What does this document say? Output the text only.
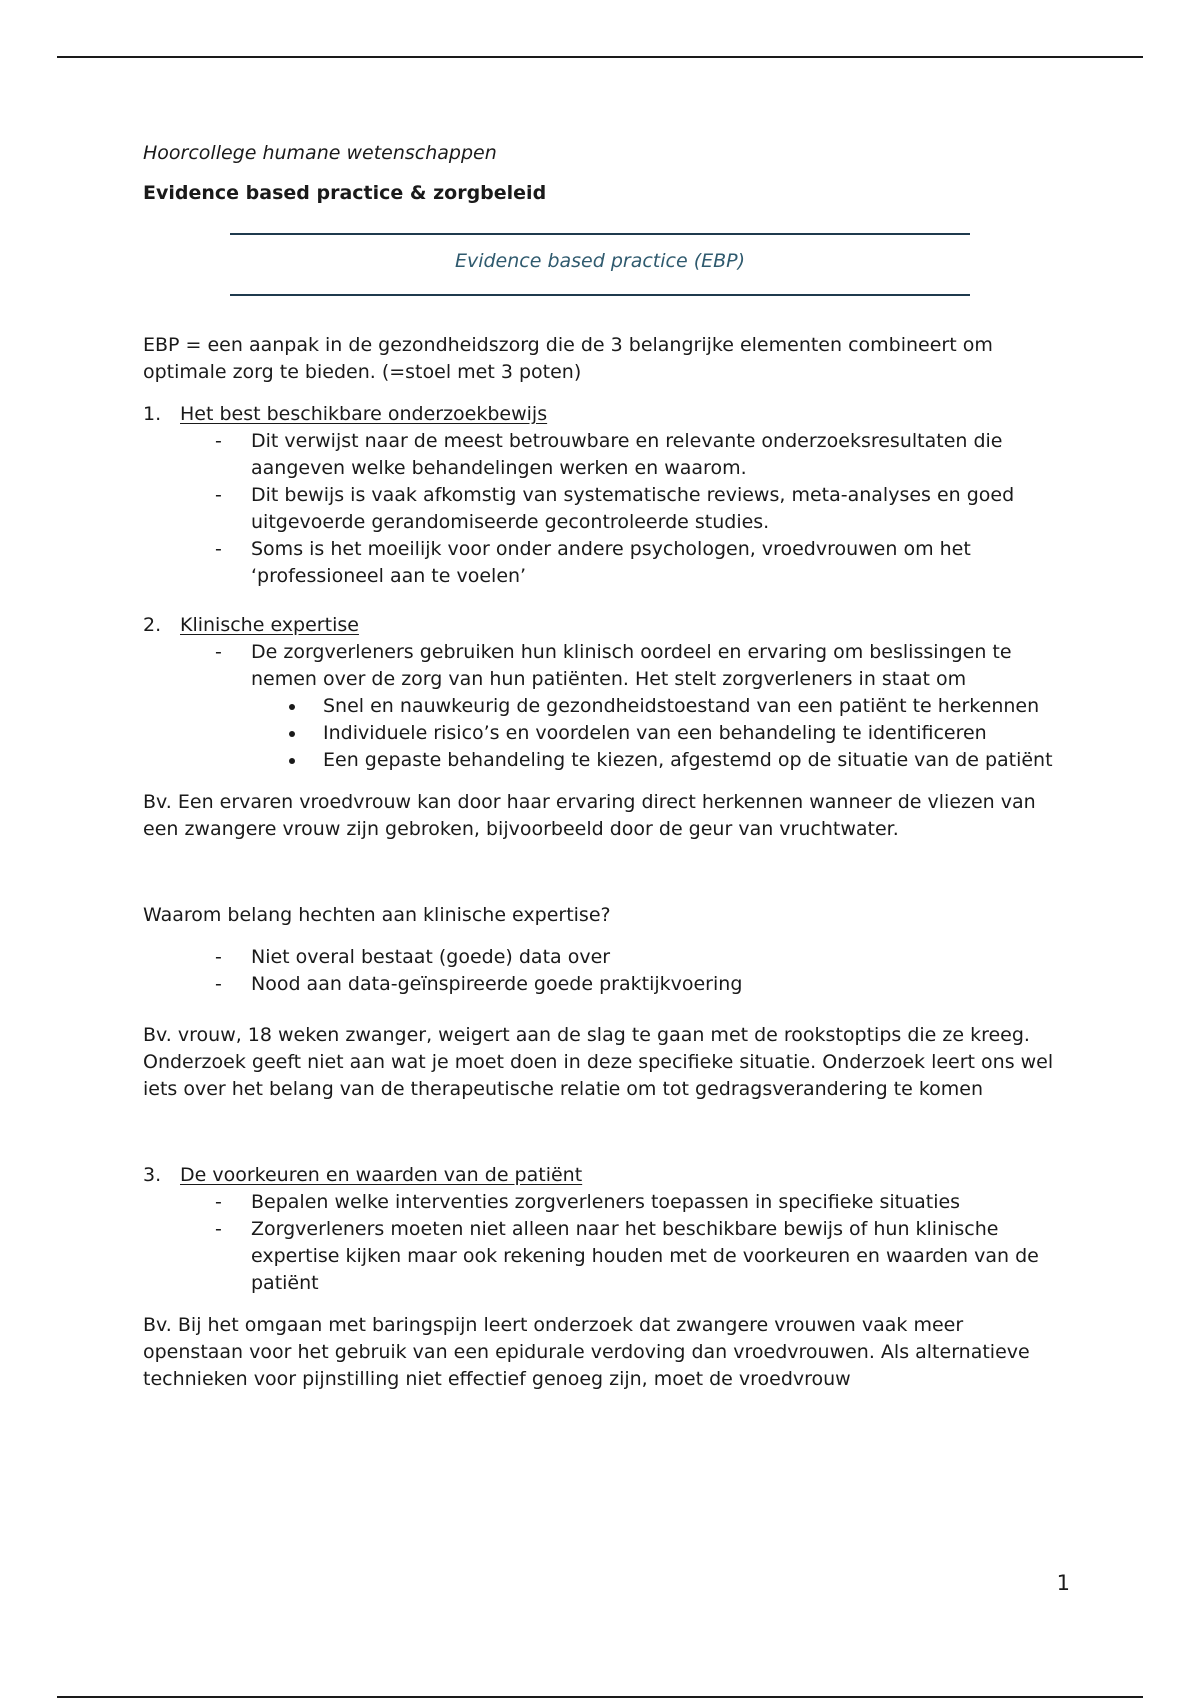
Hoorcollege humane wetenschappen

Evidence based practice & zorgbeleid

Evidence based practice (EBP)

EBP = een aanpak in de gezondheidszorg die de 3 belangrijke elementen combineert om optimale zorg te bieden. (=stoel met 3 poten)

1. Het best beschikbare onderzoekbewijs
- Dit verwijst naar de meest betrouwbare en relevante onderzoeksresultaten die aangeven welke behandelingen werken en waarom.
- Dit bewijs is vaak afkomstig van systematische reviews, meta-analyses en goed uitgevoerde gerandomiseerde gecontroleerde studies.
- Soms is het moeilijk voor onder andere psychologen, vroedvrouwen om het ‘professioneel aan te voelen’
2. Klinische expertise
- De zorgverleners gebruiken hun klinisch oordeel en ervaring om beslissingen te nemen over de zorg van hun patiënten. Het stelt zorgverleners in staat om
Snel en nauwkeurig de gezondheidstoestand van een patiënt te herkennen
Individuele risico’s en voordelen van een behandeling te identificeren
Een gepaste behandeling te kiezen, afgestemd op de situatie van de patiënt

Bv. Een ervaren vroedvrouw kan door haar ervaring direct herkennen wanneer de vliezen van een zwangere vrouw zijn gebroken, bijvoorbeeld door de geur van vruchtwater.

Waarom belang hechten aan klinische expertise?

- Niet overal bestaat (goede) data over
- Nood aan data-geïnspireerde goede praktijkvoering

Bv. vrouw, 18 weken zwanger, weigert aan de slag te gaan met de rookstoptips die ze kreeg. Onderzoek geeft niet aan wat je moet doen in deze specifieke situatie. Onderzoek leert ons wel iets over het belang van de therapeutische relatie om tot gedragsverandering te komen

3. De voorkeuren en waarden van de patiënt
- Bepalen welke interventies zorgverleners toepassen in specifieke situaties
- Zorgverleners moeten niet alleen naar het beschikbare bewijs of hun klinische expertise kijken maar ook rekening houden met de voorkeuren en waarden van de patiënt

Bv. Bij het omgaan met baringspijn leert onderzoek dat zwangere vrouwen vaak meer openstaan voor het gebruik van een epidurale verdoving dan vroedvrouwen. Als alternatieve technieken voor pijnstilling niet effectief genoeg zijn, moet de vroedvrouw

1
